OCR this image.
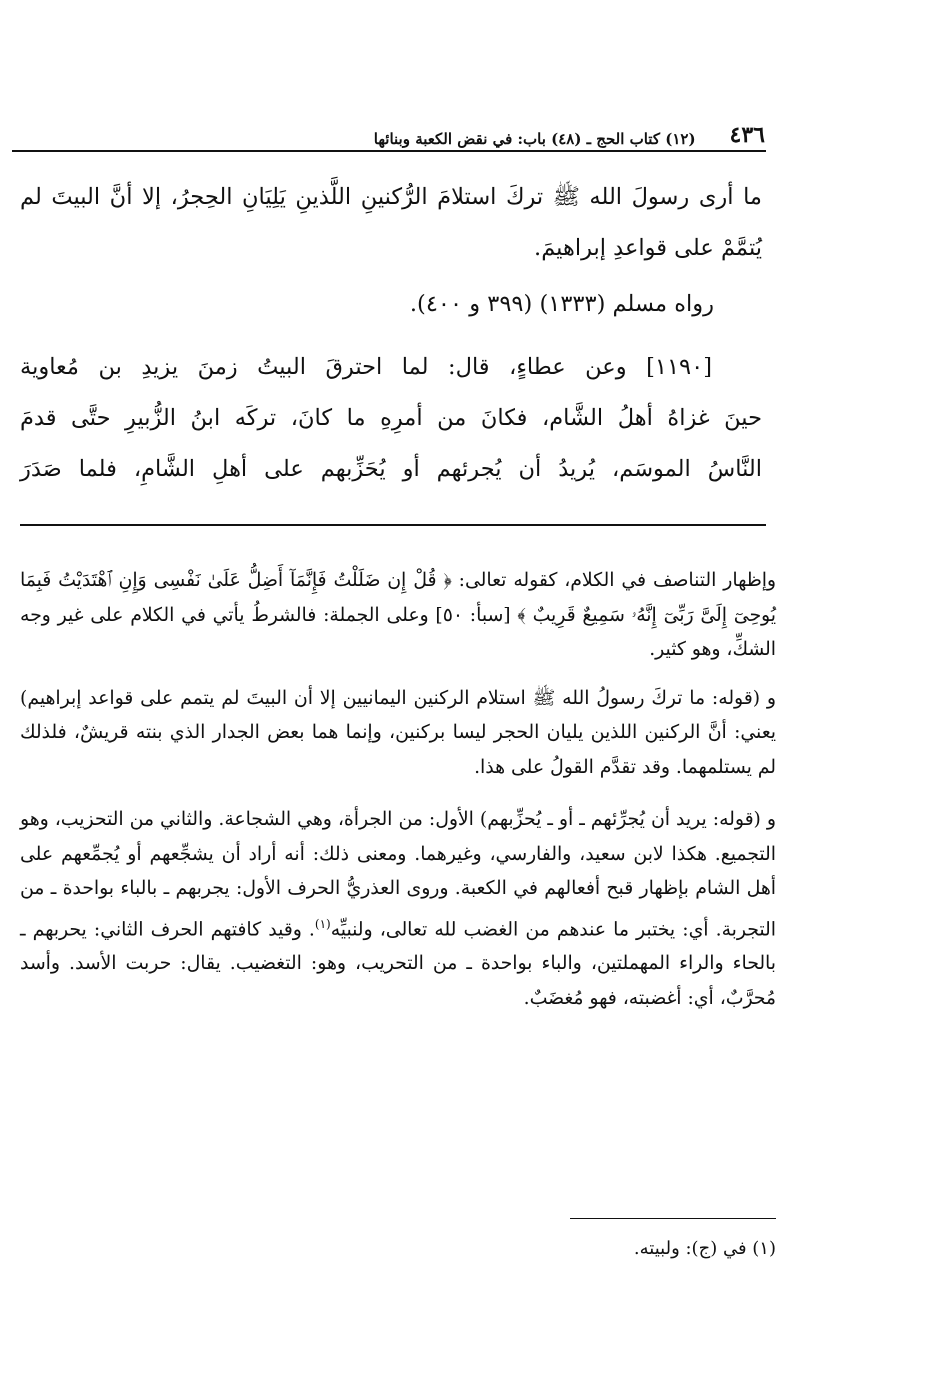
٤٣٦
(١٢) كتاب الحج ـ (٤٨) باب: في نقض الكعبة وبنائها

ما أرى رسولَ الله ﷺ تركَ استلامَ الرُّكنينِ اللَّذينِ يَلِيَانِ الحِجرُ، إلا أنَّ البيتَ لم يُتمَّمْ على قواعدِ إبراهيمَ.

رواه مسلم (١٣٣٣) (٣٩٩ و ٤٠٠).

[١١٩٠] وعن عطاءٍ، قال: لما احترقَ البيتُ زمنَ يزيدِ بن مُعاوية
حينَ غزاهُ أهلُ الشَّام، فكانَ من أمرِهِ ما كانَ، تركَه ابنُ الزُّبيرِ حتَّى قدمَ
النَّاسُ الموسَم، يُريدُ أن يُجرئهم أو يُحَزِّبهم على أهلِ الشَّامِ، فلما صَدَرَ

وإظهار التناصف في الكلام، كقوله تعالى: ﴿ قُلْ إِن ضَلَلْتُ فَإِنَّمَآ أَضِلُّ عَلَىٰ نَفْسِى وَإِنِ ٱهْتَدَيْتُ فَبِمَا يُوحِىٓ إِلَىَّ رَبِّىٓ إِنَّهُۥ سَمِيعٌ قَرِيبٌ ﴾ [سبأ: ٥٠] وعلى الجملة: فالشرطُ يأتي في الكلام على غير وجه الشكِّ، وهو كثير.

و (قوله: ما تركَ رسولُ الله ﷺ استلام الركنين اليمانيين إلا أن البيتَ لم يتمم على قواعد إبراهيم) يعني: أنَّ الركنين اللذين يليان الحجر ليسا بركنين، وإنما هما بعض الجدار الذي بنته قريشٌ، فلذلك لم يستلمهما. وقد تقدَّم القولُ على هذا.

و (قوله: يريد أن يُجرِّئهم ـ أو ـ يُحزِّبهم) الأول: من الجرأة، وهي الشجاعة. والثاني من التحزيب، وهو التجميع. هكذا لابن سعيد، والفارسي، وغيرهما. ومعنى ذلك: أنه أراد أن يشجِّعهم أو يُجمِّعهم على أهل الشام بإظهار قبح أفعالهم في الكعبة. وروى العذريُّ الحرف الأول: يجربهم ـ بالباء بواحدة ـ من التجربة. أي: يختبر ما عندهم من الغضب لله تعالى، ولنبيِّه$^{(١)}$. وقيد كافتهم الحرف الثاني: يحربهم ـ بالحاء والراء المهملتين، والباء بواحدة ـ من التحريب، وهو: التغضيب. يقال: حربت الأسد. وأسد مُحرَّبٌ، أي: أغضبته، فهو مُغضَبٌ.

(١) في (ج): ولبيته.
